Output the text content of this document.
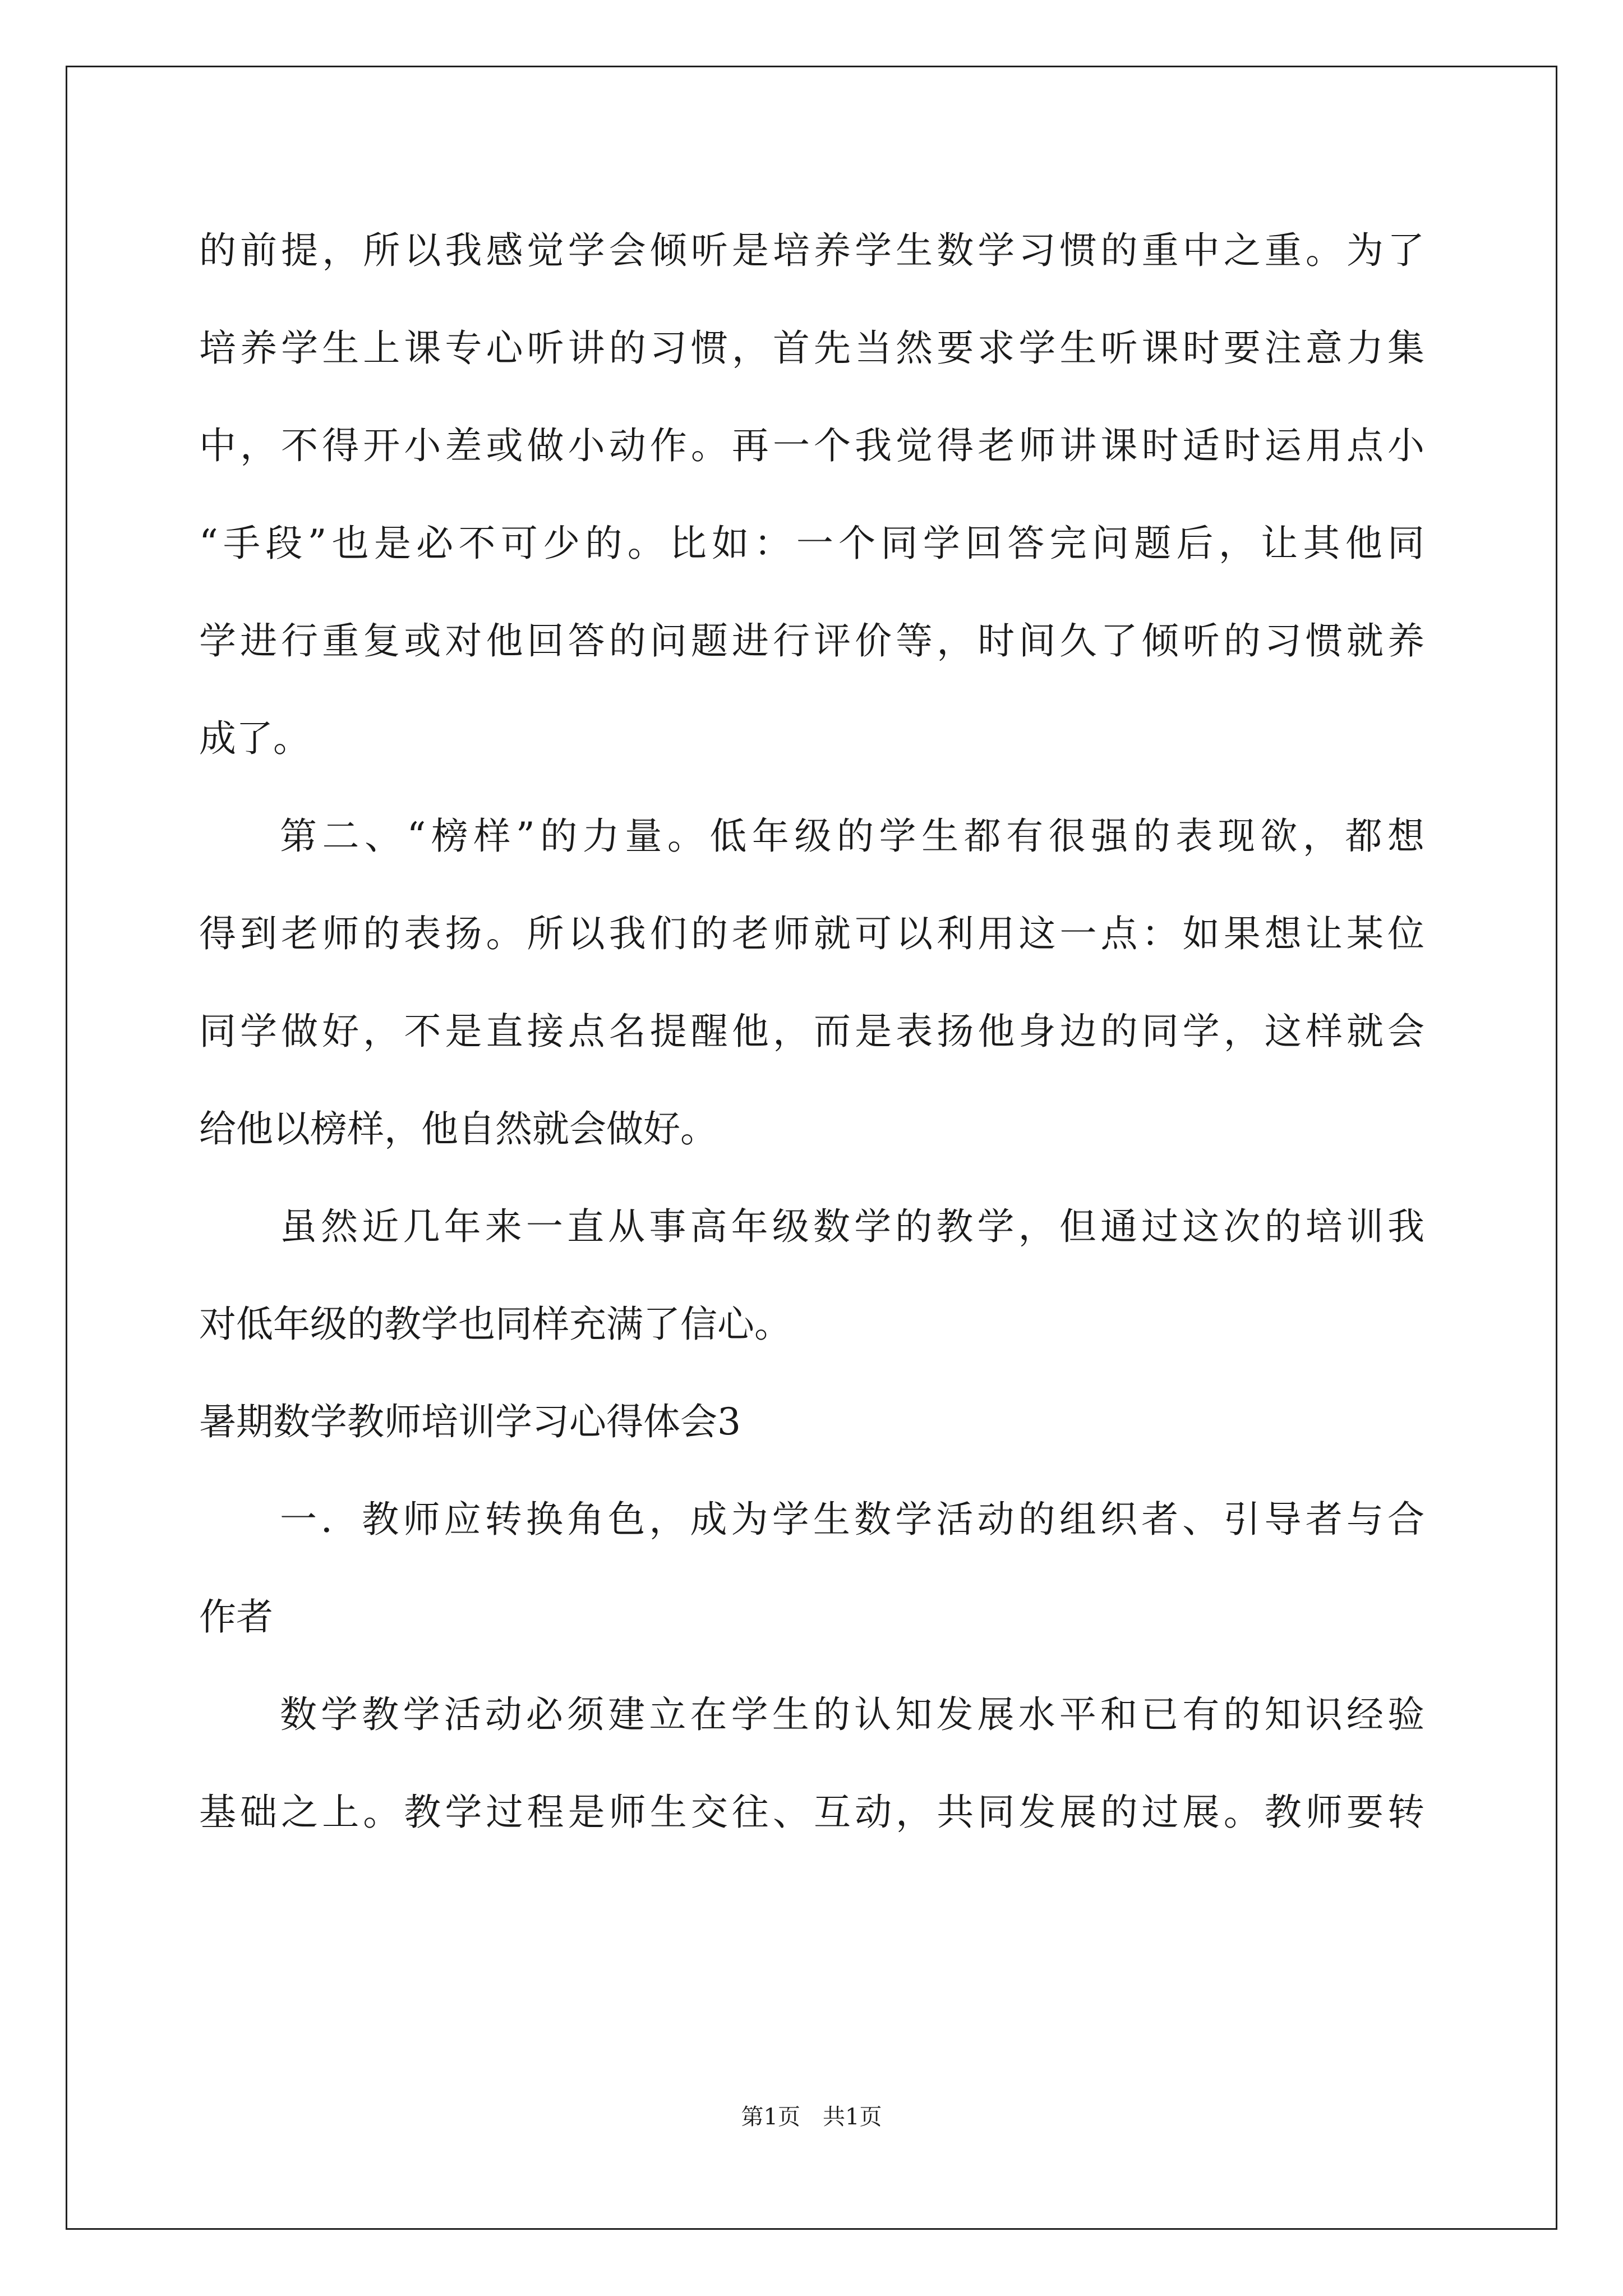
的前提，所以我感觉学会倾听是培养学生数学习惯的重中之重。为了
培养学生上课专心听讲的习惯，首先当然要求学生听课时要注意力集
中，不得开小差或做小动作。再一个我觉得老师讲课时适时运用点小
“手段”也是必不可少的。比如：一个同学回答完问题后，让其他同
学进行重复或对他回答的问题进行评价等，时间久了倾听的习惯就养
成了。
第二、“榜样”的力量。低年级的学生都有很强的表现欲，都想
得到老师的表扬。所以我们的老师就可以利用这一点：如果想让某位
同学做好，不是直接点名提醒他，而是表扬他身边的同学，这样就会
给他以榜样，他自然就会做好。
虽然近几年来一直从事高年级数学的教学，但通过这次的培训我
对低年级的教学也同样充满了信心。
暑期数学教师培训学习心得体会3
一．教师应转换角色，成为学生数学活动的组织者、引导者与合
作者
数学教学活动必须建立在学生的认知发展水平和已有的知识经验
基础之上。教学过程是师生交往、互动，共同发展的过展。教师要转
第1页 共1页
